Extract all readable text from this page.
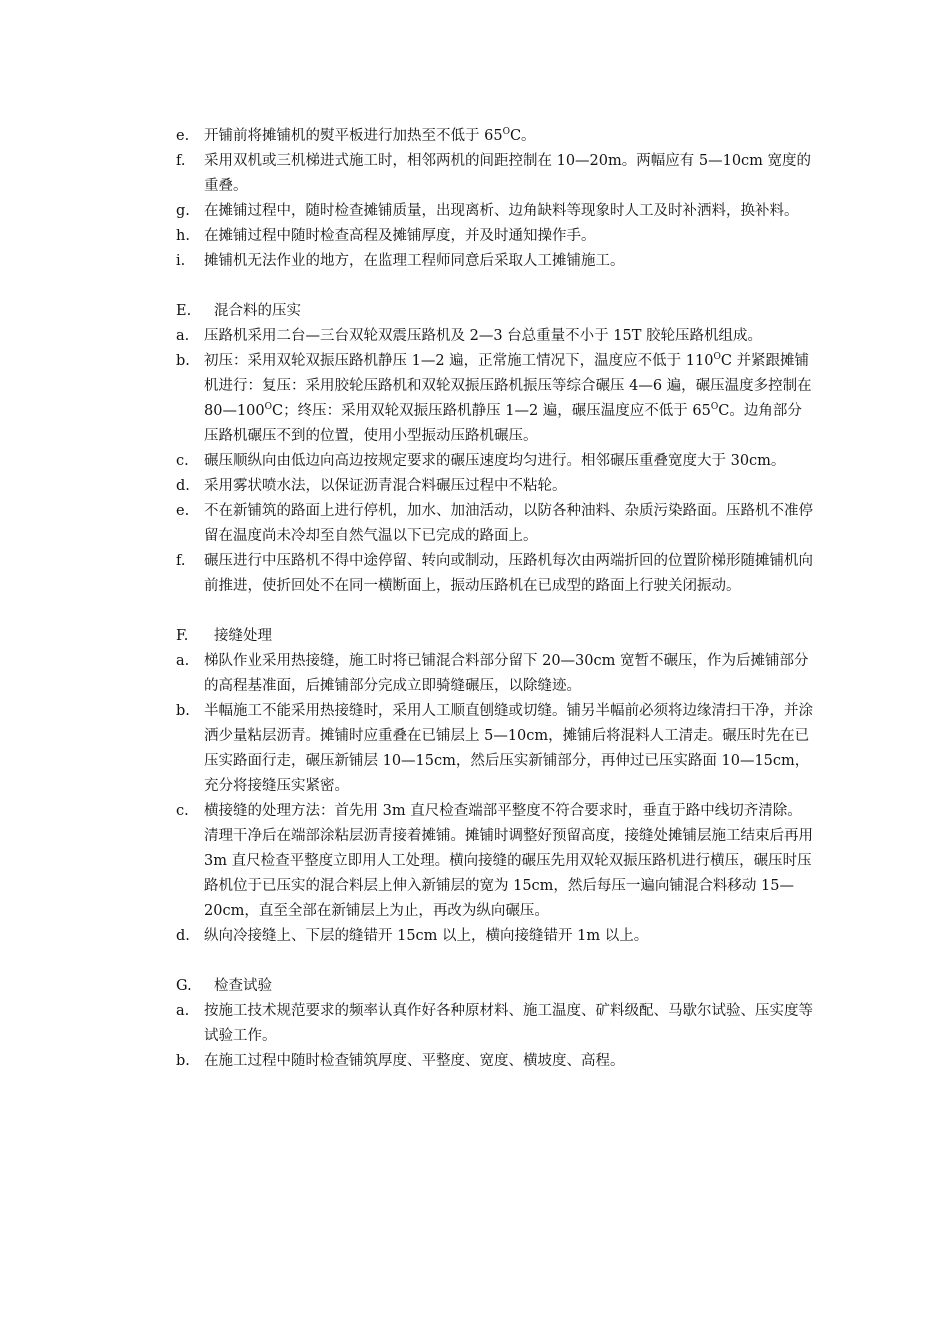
e. 开铺前将摊铺机的熨平板进行加热至不低于 $65^OC$。
f. 采用双机或三机梯进式施工时，相邻两机的间距控制在 10—20m。两幅应有 5—10cm 宽度的重叠。
g. 在摊铺过程中，随时检查摊铺质量，出现离析、边角缺料等现象时人工及时补洒料，换补料。
h. 在摊铺过程中随时检查高程及摊铺厚度，并及时通知操作手。
i. 摊铺机无法作业的地方，在监理工程师同意后采取人工摊铺施工。
E. 混合料的压实
a. 压路机采用二台—三台双轮双震压路机及 2—3 台总重量不小于 15T 胶轮压路机组成。
b. 初压：采用双轮双振压路机静压 1—2 遍，正常施工情况下，温度应不低于 $110^OC$ 并紧跟摊铺机进行：复压：采用胶轮压路机和双轮双振压路机振压等综合碾压 4—6 遍，碾压温度多控制在 $80—100^OC$；终压：采用双轮双振压路机静压 1—2 遍，碾压温度应不低于 $65^OC$。边角部分压路机碾压不到的位置，使用小型振动压路机碾压。
c. 碾压顺纵向由低边向高边按规定要求的碾压速度均匀进行。相邻碾压重叠宽度大于 30cm。
d. 采用雾状喷水法，以保证沥青混合料碾压过程中不粘轮。
e. 不在新铺筑的路面上进行停机，加水、加油活动，以防各种油料、杂质污染路面。压路机不准停留在温度尚未冷却至自然气温以下已完成的路面上。
f. 碾压进行中压路机不得中途停留、转向或制动，压路机每次由两端折回的位置阶梯形随摊铺机向前推进，使折回处不在同一横断面上，振动压路机在已成型的路面上行驶关闭振动。
F. 接缝处理
a. 梯队作业采用热接缝，施工时将已铺混合料部分留下 20—30cm 宽暂不碾压，作为后摊铺部分的高程基准面，后摊铺部分完成立即骑缝碾压，以除缝迹。
b. 半幅施工不能采用热接缝时，采用人工顺直刨缝或切缝。铺另半幅前必须将边缘清扫干净，并涂洒少量粘层沥青。摊铺时应重叠在已铺层上 5—10cm，摊铺后将混料人工清走。碾压时先在已压实路面行走，碾压新铺层 10—15cm，然后压实新铺部分，再伸过已压实路面 10—15cm，充分将接缝压实紧密。
c. 横接缝的处理方法：首先用 3m 直尺检查端部平整度不符合要求时，垂直于路中线切齐清除。清理干净后在端部涂粘层沥青接着摊铺。摊铺时调整好预留高度，接缝处摊铺层施工结束后再用 3m 直尺检查平整度立即用人工处理。横向接缝的碾压先用双轮双振压路机进行横压，碾压时压路机位于已压实的混合料层上伸入新铺层的宽为 15cm，然后每压一遍向铺混合料移动 15—20cm，直至全部在新铺层上为止，再改为纵向碾压。
d. 纵向冷接缝上、下层的缝错开 15cm 以上，横向接缝错开 1m 以上。
G. 检查试验
a. 按施工技术规范要求的频率认真作好各种原材料、施工温度、矿料级配、马歇尔试验、压实度等试验工作。
b. 在施工过程中随时检查铺筑厚度、平整度、宽度、横坡度、高程。
